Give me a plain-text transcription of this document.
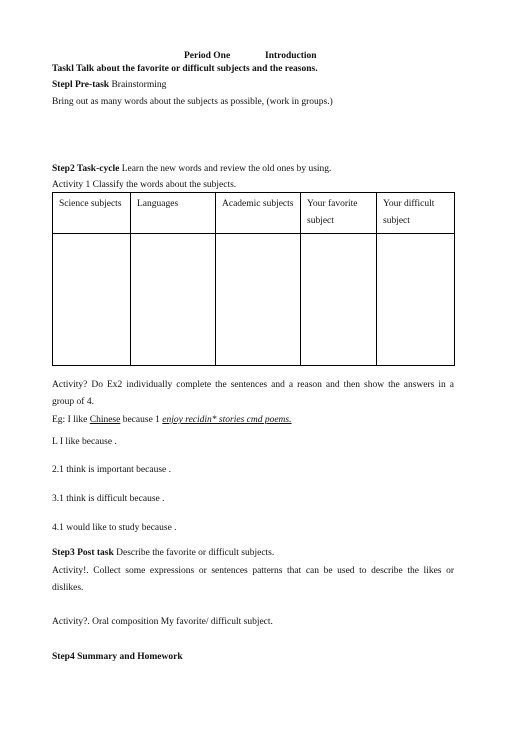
Period One	Introduction
Taskl Talk about the favorite or difficult subjects and the reasons.
Stepl Pre-task Brainstorming
Bring out as many words about the subjects as possible, (work in groups.)
Step2 Task-cycle Learn the new words and review the old ones by using.
Activity 1 Classify the words about the subjects.
Science subjects	Languages	Academic subjects	Your favorite subject	Your difficult subject

Activity? Do Ex2 individually complete the sentences and a reason and then show the answers in a
group of 4.
Eg: I like Chinese because 1 enjoy recidin* stories cmd poems.
L I like because .
2.1 think is important because .
3.1 think is difficult because .
4.1 would like to study because .
Step3 Post task Describe the favorite or difficult subjects.
Activity!. Collect some expressions or sentences patterns that can be used to describe the likes or
dislikes.
Activity?. Oral composition My favorite/ difficult subject.
Step4 Summary and Homework
